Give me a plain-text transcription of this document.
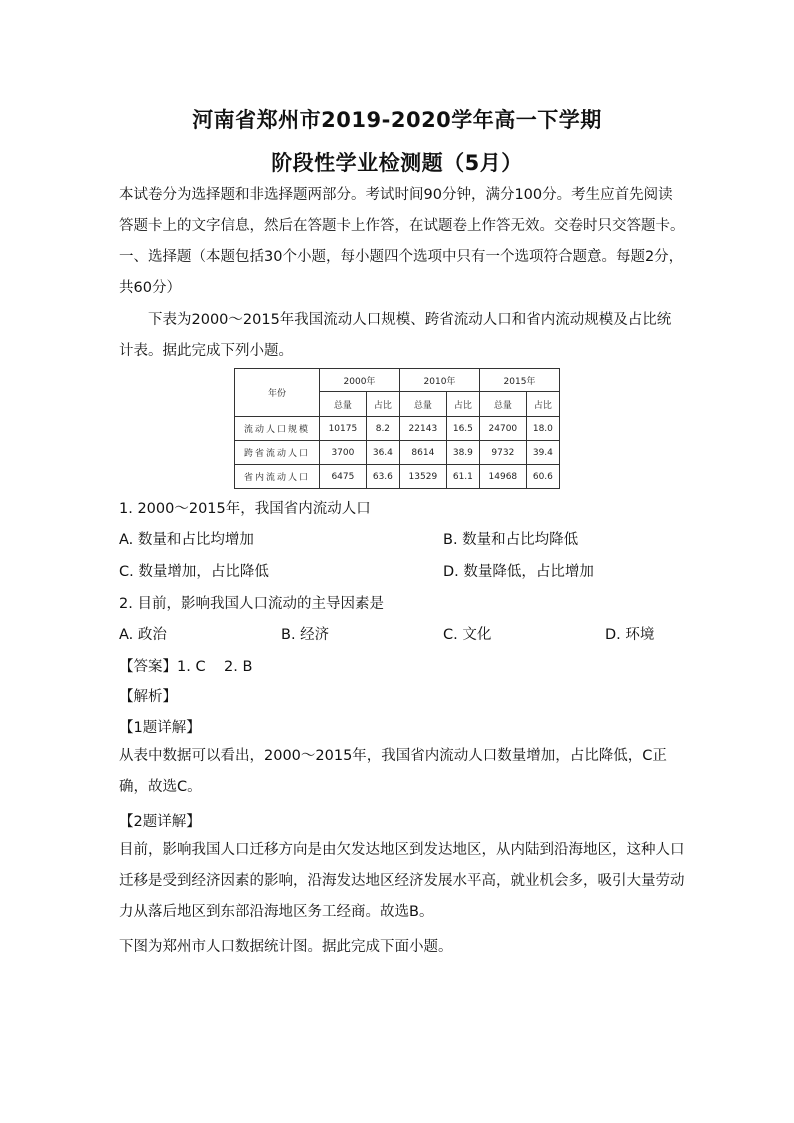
河南省郑州市2019-2020学年高一下学期
阶段性学业检测题（5月）
本试卷分为选择题和非选择题两部分。考试时间90分钟，满分100分。考生应首先阅读答题卡上的文字信息，然后在答题卡上作答，在试题卷上作答无效。交卷时只交答题卡。
一、选择题（本题包括30个小题，每小题四个选项中只有一个选项符合题意。每题2分，共60分）
下表为2000～2015年我国流动人口规模、跨省流动人口和省内流动规模及占比统计表。据此完成下列小题。
年份	2000年		2010年		2015年	
	总量	占比	总量	占比	总量	占比
流动人口规模	10175	8.2	22143	16.5	24700	18.0
跨省流动人口	3700	36.4	8614	38.9	9732	39.4
省内流动人口	6475	63.6	13529	61.1	14968	60.6
1. 2000～2015年，我国省内流动人口
A. 数量和占比均增加	B. 数量和占比均降低
C. 数量增加，占比降低	D. 数量降低，占比增加
2. 目前，影响我国人口流动的主导因素是
A. 政治	B. 经济	C. 文化	D. 环境
【答案】1. C    2. B
【解析】
【1题详解】
从表中数据可以看出，2000～2015年，我国省内流动人口数量增加，占比降低，C正确，故选C。
【2题详解】
目前，影响我国人口迁移方向是由欠发达地区到发达地区，从内陆到沿海地区，这种人口迁移是受到经济因素的影响，沿海发达地区经济发展水平高，就业机会多，吸引大量劳动力从落后地区到东部沿海地区务工经商。故选B。
下图为郑州市人口数据统计图。据此完成下面小题。
